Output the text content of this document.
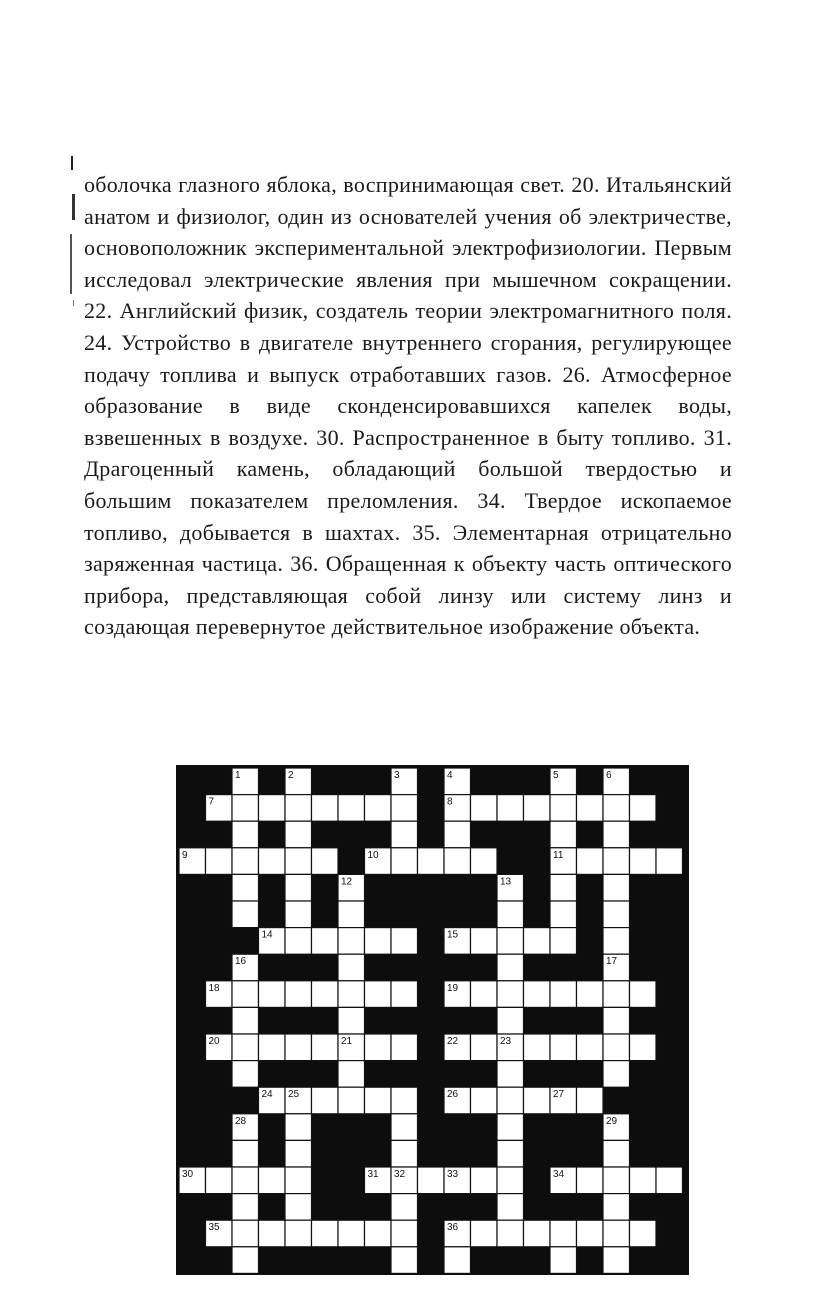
оболочка глазного яблока, воспринимающая свет. 20. Итальянский анатом и физиолог, один из основателей учения об электричестве, основоположник экспериментальной электрофизиологии. Первым исследовал электрические явления при мышечном сокращении. 22. Английский физик, создатель теории электромагнитного поля. 24. Устройство в двигателе внутреннего сгорания, регулирующее подачу топлива и выпуск отработавших газов. 26. Атмосферное образование в виде сконденсировавшихся капелек воды, взвешенных в воздухе. 30. Распространенное в быту топливо. 31. Драгоценный камень, обладающий большой твердостью и большим показателем преломления. 34. Твердое ископаемое топливо, добывается в шахтах. 35. Элементарная отрицательно заряженная частица. 36. Обращенная к объекту часть оптического прибора, представляющая собой линзу или систему линз и создающая перевернутое действительное изображение объекта.

1	2	3	4	5	6
7	8
9	10	11
12	13
14	15
16	17
18	19
20	21	22	23
24 25	26	27
28	29
30	31 32	33	34
35	36
